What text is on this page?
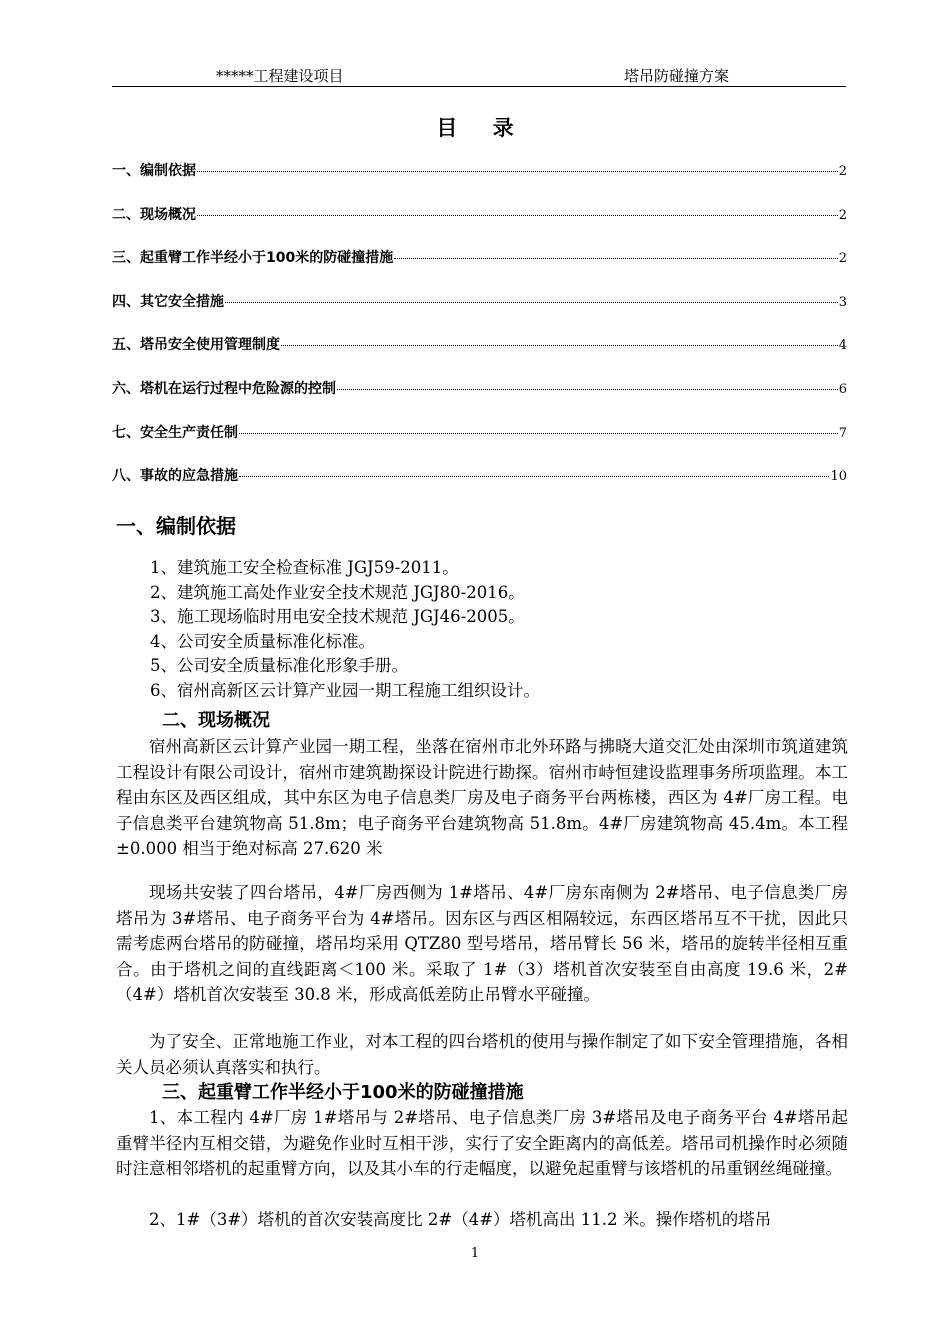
*****工程建设项目	塔吊防碰撞方案
目 录
一、编制依据	2
二、现场概况	2
三、起重臂工作半经小于100米的防碰撞措施	2
四、其它安全措施	3
五、塔吊安全使用管理制度	4
六、塔机在运行过程中危险源的控制	6
七、安全生产责任制	7
八、事故的应急措施	10
一、编制依据
1、建筑施工安全检查标准 JGJ59-2011。
2、建筑施工高处作业安全技术规范 JGJ80-2016。
3、施工现场临时用电安全技术规范 JGJ46-2005。
4、公司安全质量标准化标准。
5、公司安全质量标准化形象手册。
6、宿州高新区云计算产业园一期工程施工组织设计。
二、现场概况
宿州高新区云计算产业园一期工程，坐落在宿州市北外环路与拂晓大道交汇处由深圳市筑道建筑工程设计有限公司设计，宿州市建筑勘探设计院进行勘探。宿州市峙恒建设监理事务所项监理。本工程由东区及西区组成，其中东区为电子信息类厂房及电子商务平台两栋楼，西区为 4#厂房工程。电子信息类平台建筑物高 51.8m；电子商务平台建筑物高 51.8m。4#厂房建筑物高 45.4m。本工程±0.000 相当于绝对标高 27.620 米
现场共安装了四台塔吊，4#厂房西侧为 1#塔吊、4#厂房东南侧为 2#塔吊、电子信息类厂房塔吊为 3#塔吊、电子商务平台为 4#塔吊。因东区与西区相隔较远，东西区塔吊互不干扰，因此只需考虑两台塔吊的防碰撞，塔吊均采用 QTZ80 型号塔吊，塔吊臂长 56 米，塔吊的旋转半径相互重合。由于塔机之间的直线距离＜100 米。采取了 1#（3）塔机首次安装至自由高度 19.6 米，2#（4#）塔机首次安装至 30.8 米，形成高低差防止吊臂水平碰撞。
为了安全、正常地施工作业，对本工程的四台塔机的使用与操作制定了如下安全管理措施，各相关人员必须认真落实和执行。
三、起重臂工作半经小于100米的防碰撞措施
1、本工程内 4#厂房 1#塔吊与 2#塔吊、电子信息类厂房 3#塔吊及电子商务平台 4#塔吊起重臂半径内互相交错，为避免作业时互相干涉，实行了安全距离内的高低差。塔吊司机操作时必须随时注意相邻塔机的起重臂方向，以及其小车的行走幅度，以避免起重臂与该塔机的吊重钢丝绳碰撞。
2、1#（3#）塔机的首次安装高度比 2#（4#）塔机高出 11.2 米。操作塔机的塔吊
1
